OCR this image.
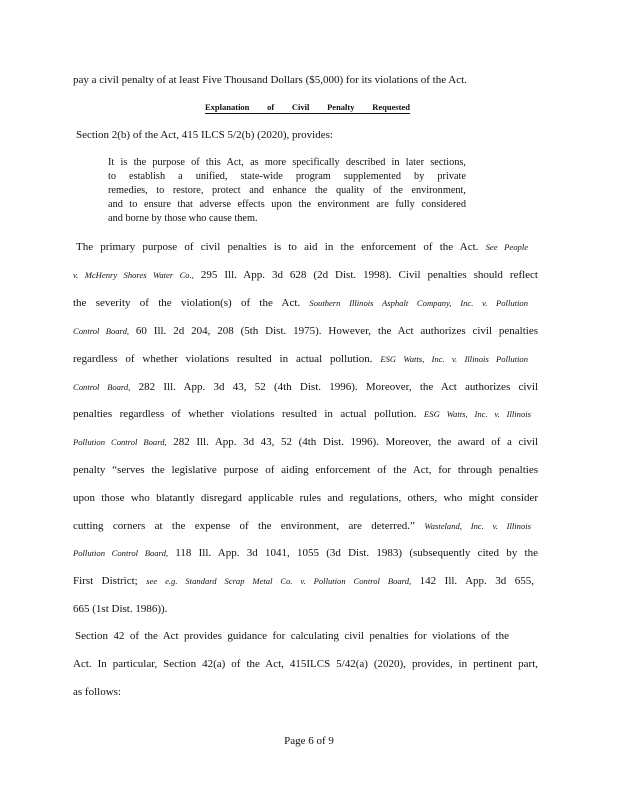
pay a civil penalty of at least Five Thousand Dollars ($5,000) for its violations of the Act.
Explanation of Civil Penalty Requested
Section 2(b) of the Act, 415 ILCS 5/2(b) (2020), provides:
It is the purpose of this Act, as more specifically described in later sections,
to establish a unified, state-wide program supplemented by private
remedies, to restore, protect and enhance the quality of the environment,
and to ensure that adverse effects upon the environment are fully considered
and borne by those who cause them.
The primary purpose of civil penalties is to aid in the enforcement of the Act. See People
v. McHenry Shores Water Co., 295 Ill. App. 3d 628 (2d Dist. 1998). Civil penalties should reflect
the severity of the violation(s) of the Act. Southern Illinois Asphalt Company, Inc. v. Pollution
Control Board, 60 Ill. 2d 204, 208 (5th Dist. 1975). However, the Act authorizes civil penalties
regardless of whether violations resulted in actual pollution. ESG Watts, Inc. v. Illinois Pollution
Control Board, 282 Ill. App. 3d 43, 52 (4th Dist. 1996). Moreover, the Act authorizes civil
penalties regardless of whether violations resulted in actual pollution. ESG Watts, Inc. v. Illinois
Pollution Control Board, 282 Ill. App. 3d 43, 52 (4th Dist. 1996). Moreover, the award of a civil
penalty “serves the legislative purpose of aiding enforcement of the Act, for through penalties
upon those who blatantly disregard applicable rules and regulations, others, who might consider
cutting corners at the expense of the environment, are deterred.” Wasteland, Inc. v. Illinois
Pollution Control Board, 118 Ill. App. 3d 1041, 1055 (3d Dist. 1983) (subsequently cited by the
First District; see e.g. Standard Scrap Metal Co. v. Pollution Control Board, 142 Ill. App. 3d 655,
665 (1st Dist. 1986)).
Section 42 of the Act provides guidance for calculating civil penalties for violations of the
Act. In particular, Section 42(a) of the Act, 415ILCS 5/42(a) (2020), provides, in pertinent part,
as follows:
Page 6 of 9
